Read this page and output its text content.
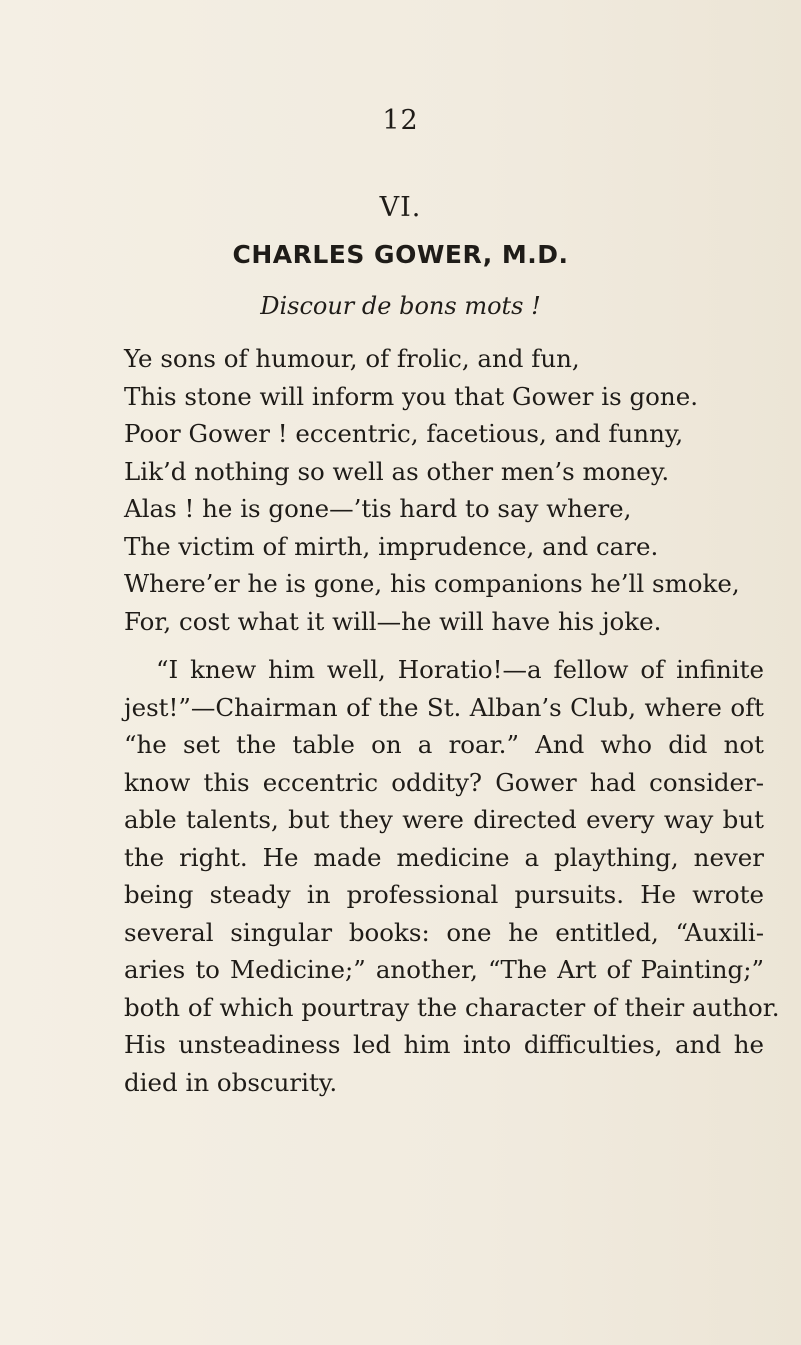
12
VI.
CHARLES GOWER, M.D.
Discour de bons mots !
Ye sons of humour, of frolic, and fun,
This stone will inform you that Gower is gone.
Poor Gower ! eccentric, facetious, and funny,
Lik’d nothing so well as other men’s money.
Alas ! he is gone—’tis hard to say where,
The victim of mirth, imprudence, and care.
Where’er he is gone, his companions he’ll smoke,
For, cost what it will—he will have his joke.
“I knew him well, Horatio!—a fellow of infinite
jest!”—Chairman of the St. Alban’s Club, where oft
“he set the table on a roar.” And who did not
know this eccentric oddity? Gower had consider-
able talents, but they were directed every way but
the right. He made medicine a plaything, never
being steady in professional pursuits. He wrote
several singular books: one he entitled, “Auxili-
aries to Medicine;” another, “The Art of Painting;”
both of which pourtray the character of their author.
His unsteadiness led him into difficulties, and he
died in obscurity.
